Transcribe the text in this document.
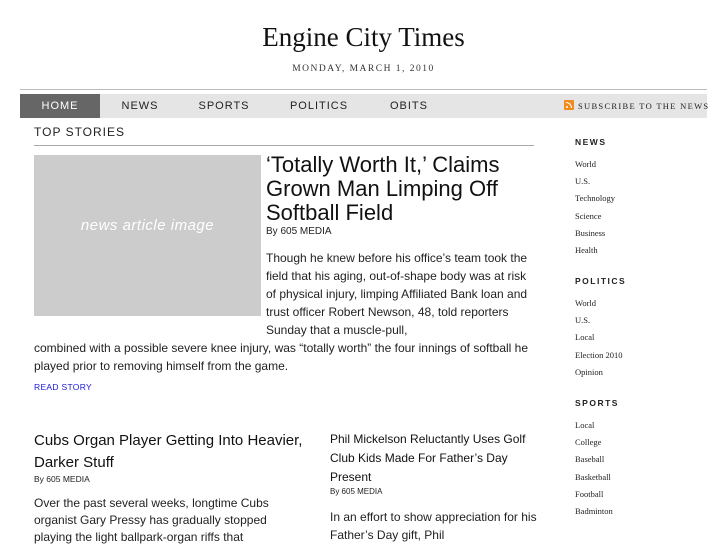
Engine City Times
MONDAY, MARCH 1, 2010
HOME	NEWS	SPORTS	POLITICS	OBITS	SUBSCRIBE TO THE NEWS
TOP STORIES
news article image
‘Totally Worth It,’ Claims Grown Man Limping Off Softball Field
By 605 MEDIA
Though he knew before his office’s team took the field that his aging, out-of-shape body was at risk of physical injury, limping Affiliated Bank loan and trust officer Robert Newson, 48, told reporters Sunday that a muscle-pull,
combined with a possible severe knee injury, was “totally worth” the four innings of softball he played prior to removing himself from the game.
READ STORY
Cubs Organ Player Getting Into Heavier, Darker Stuff
By 605 MEDIA
Over the past several weeks, longtime Cubs organist Gary Pressy has gradually stopped playing the light ballpark-organ riffs that
Phil Mickelson Reluctantly Uses Golf Club Kids Made For Father’s Day Present
By 605 MEDIA
In an effort to show appreciation for his Father’s Day gift, Phil
NEWS
World
U.S.
Technology
Science
Business
Health
POLITICS
World
U.S.
Local
Election 2010
Opinion
SPORTS
Local
College
Baseball
Basketball
Football
Badminton
